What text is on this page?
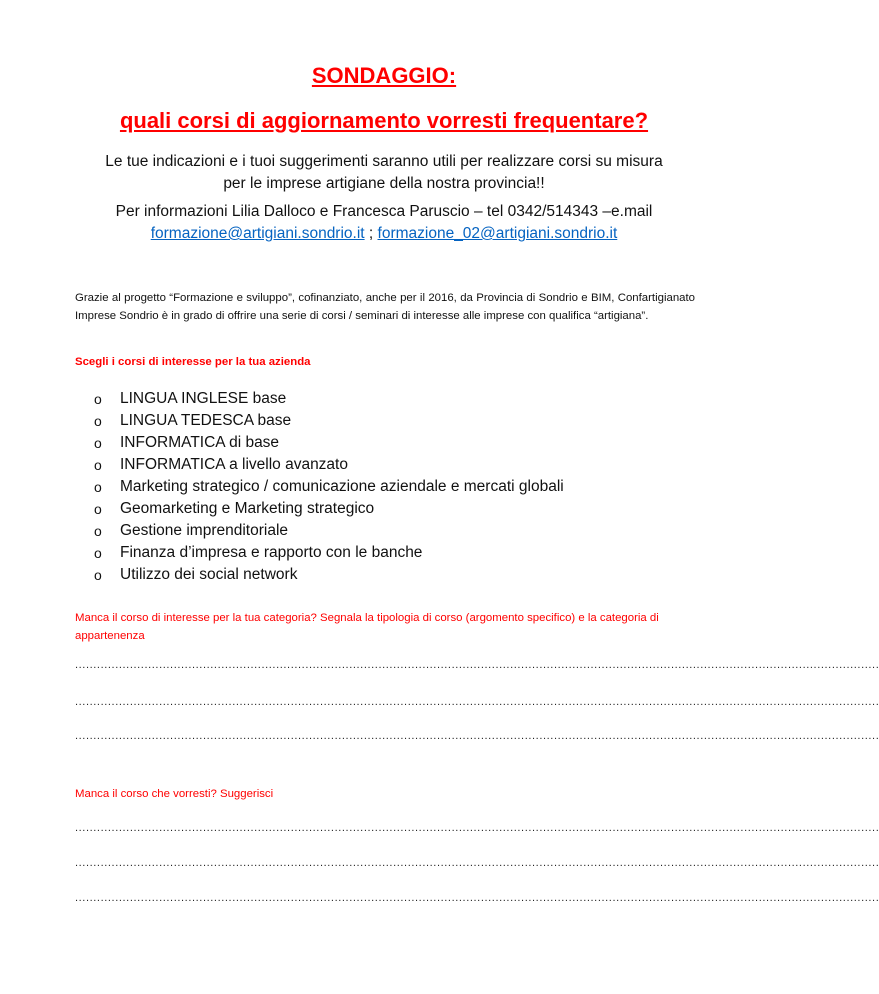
SONDAGGIO:
quali corsi di aggiornamento vorresti frequentare?

Le tue indicazioni e i tuoi suggerimenti saranno utili per realizzare corsi su misura
per le imprese artigiane della nostra provincia!!

Per informazioni Lilia Dalloco e Francesca Paruscio – tel 0342/514343 –e.mail
formazione@artigiani.sondrio.it ; formazione_02@artigiani.sondrio.it

Grazie al progetto “Formazione e sviluppo”, cofinanziato, anche per il 2016, da Provincia di Sondrio e BIM, Confartigianato Imprese Sondrio è in grado di offrire una serie di corsi / seminari di interesse alle imprese con qualifica “artigiana”.

Scegli i corsi di interesse per la tua azienda

o	LINGUA INGLESE base
o	LINGUA TEDESCA base
o	INFORMATICA di base
o	INFORMATICA a livello avanzato
o	Marketing strategico / comunicazione aziendale e mercati globali
o	Geomarketing e Marketing strategico
o	Gestione imprenditoriale
o	Finanza d’impresa e rapporto con le banche
o	Utilizzo dei social network

Manca il corso di interesse per la tua categoria? Segnala la tipologia di corso (argomento specifico) e la categoria di appartenenza

............................................................................................................................................................................................................................
............................................................................................................................................................................................................................
............................................................................................................................................................................................................................

Manca il corso che vorresti? Suggerisci

............................................................................................................................................................................................................................
............................................................................................................................................................................................................................
............................................................................................................................................................................................................................
